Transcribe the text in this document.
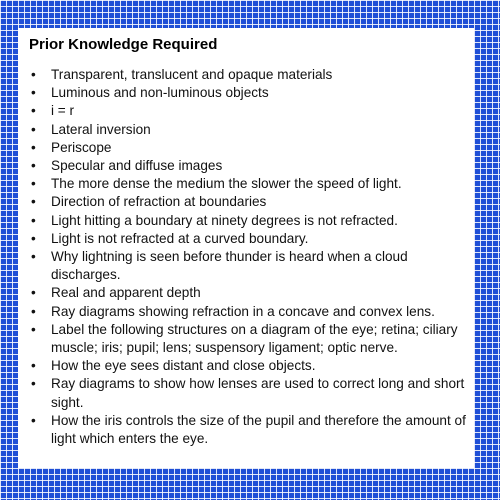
Prior Knowledge Required
• Transparent, translucent and opaque materials
• Luminous and non-luminous objects
• i = r
• Lateral inversion
• Periscope
• Specular and diffuse images
• The more dense the medium the slower the speed of light.
• Direction of refraction at boundaries
• Light hitting a boundary at ninety degrees is not refracted.
• Light is not refracted at a curved boundary.
• Why lightning is seen before thunder is heard when a cloud discharges.
• Real and apparent depth
• Ray diagrams showing refraction in a concave and convex lens.
• Label the following structures on a diagram of the eye; retina; ciliary muscle; iris; pupil; lens; suspensory ligament; optic nerve.
• How the eye sees distant and close objects.
• Ray diagrams to show how lenses are used to correct long and short sight.
• How the iris controls the size of the pupil and therefore the amount of light which enters the eye.
